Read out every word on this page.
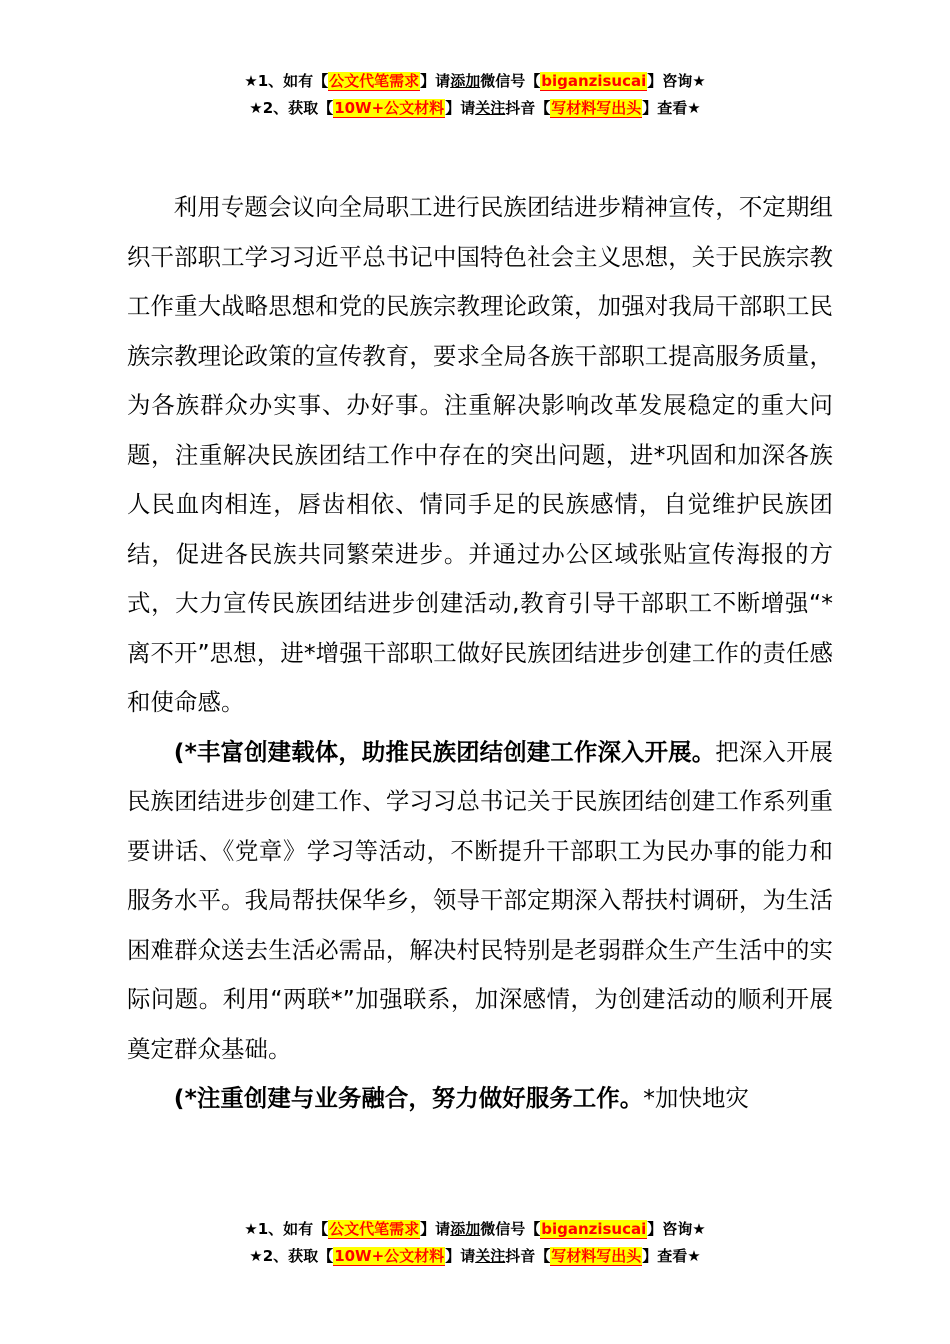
★1、如有【公文代笔需求】请添加微信号【biganzisucai】咨询★
★2、获取【10W+公文材料】请关注抖音【写材料写出头】查看★

利用专题会议向全局职工进行民族团结进步精神宣传，不定期组织干部职工学习习近平总书记中国特色社会主义思想，关于民族宗教工作重大战略思想和党的民族宗教理论政策，加强对我局干部职工民族宗教理论政策的宣传教育，要求全局各族干部职工提高服务质量，为各族群众办实事、办好事。注重解决影响改革发展稳定的重大问题，注重解决民族团结工作中存在的突出问题，进*巩固和加深各族人民血肉相连，唇齿相依、情同手足的民族感情，自觉维护民族团结，促进各民族共同繁荣进步。并通过办公区域张贴宣传海报的方式，大力宣传民族团结进步创建活动,教育引导干部职工不断增强“*离不开”思想，进*增强干部职工做好民族团结进步创建工作的责任感和使命感。

(*丰富创建载体，助推民族团结创建工作深入开展。把深入开展民族团结进步创建工作、学习习总书记关于民族团结创建工作系列重要讲话、《党章》学习等活动，不断提升干部职工为民办事的能力和服务水平。我局帮扶保华乡，领导干部定期深入帮扶村调研，为生活困难群众送去生活必需品，解决村民特别是老弱群众生产生活中的实际问题。利用“两联*”加强联系，加深感情，为创建活动的顺利开展奠定群众基础。

(*注重创建与业务融合，努力做好服务工作。*加快地灾

★1、如有【公文代笔需求】请添加微信号【biganzisucai】咨询★
★2、获取【10W+公文材料】请关注抖音【写材料写出头】查看★
